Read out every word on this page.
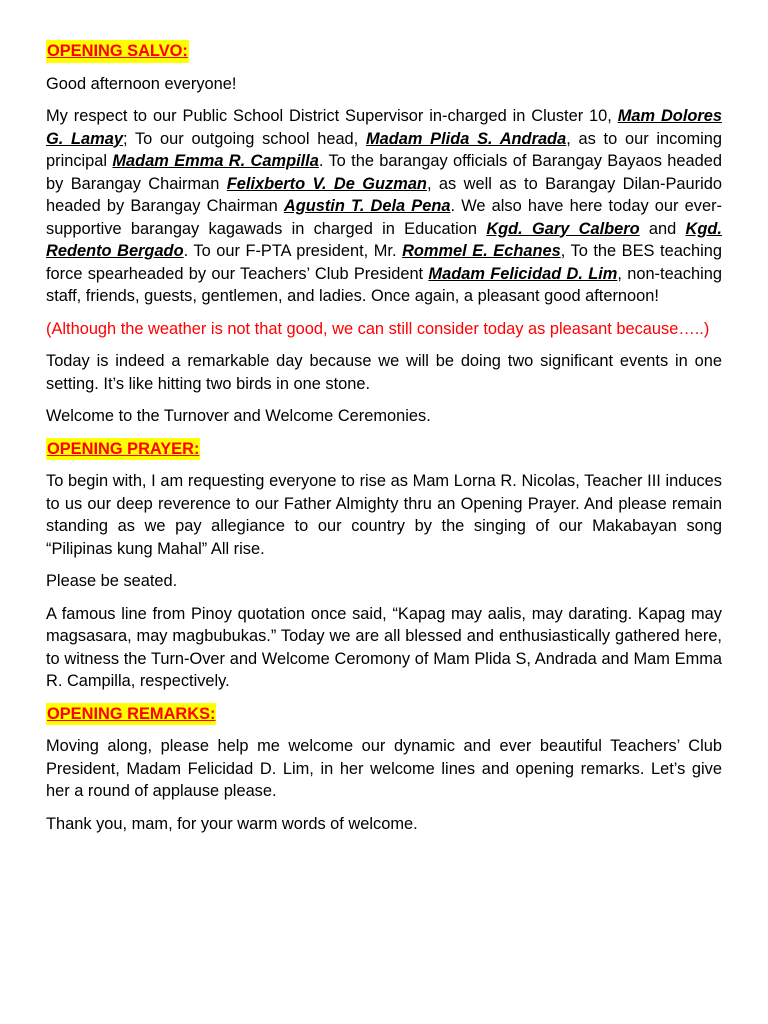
OPENING SALVO:

Good afternoon everyone!

My respect to our Public School District Supervisor in-charged in Cluster 10, Mam Dolores G. Lamay; To our outgoing school head, Madam Plida S. Andrada, as to our incoming principal Madam Emma R. Campilla. To the barangay officials of Barangay Bayaos headed by Barangay Chairman Felixberto V. De Guzman, as well as to Barangay Dilan-Paurido headed by Barangay Chairman Agustin T. Dela Pena. We also have here today our ever-supportive barangay kagawads in charged in Education Kgd. Gary Calbero and Kgd. Redento Bergado. To our F-PTA president, Mr. Rommel E. Echanes, To the BES teaching force spearheaded by our Teachers’ Club President Madam Felicidad D. Lim, non-teaching staff, friends, guests, gentlemen, and ladies. Once again, a pleasant good afternoon!

(Although the weather is not that good, we can still consider today as pleasant because…..)

Today is indeed a remarkable day because we will be doing two significant events in one setting. It’s like hitting two birds in one stone.

Welcome to the Turnover and Welcome Ceremonies.

OPENING PRAYER:

To begin with, I am requesting everyone to rise as Mam Lorna R. Nicolas, Teacher III induces to us our deep reverence to our Father Almighty thru an Opening Prayer. And please remain standing as we pay allegiance to our country by the singing of our Makabayan song “Pilipinas kung Mahal” All rise.

Please be seated.

A famous line from Pinoy quotation once said, “Kapag may aalis, may darating. Kapag may magsasara, may magbubukas.” Today we are all blessed and enthusiastically gathered here, to witness the Turn-Over and Welcome Ceromony of Mam Plida S, Andrada and Mam Emma R. Campilla, respectively.

OPENING REMARKS:

Moving along, please help me welcome our dynamic and ever beautiful Teachers’ Club President, Madam Felicidad D. Lim, in her welcome lines and opening remarks. Let’s give her a round of applause please.

Thank you, mam, for your warm words of welcome.
